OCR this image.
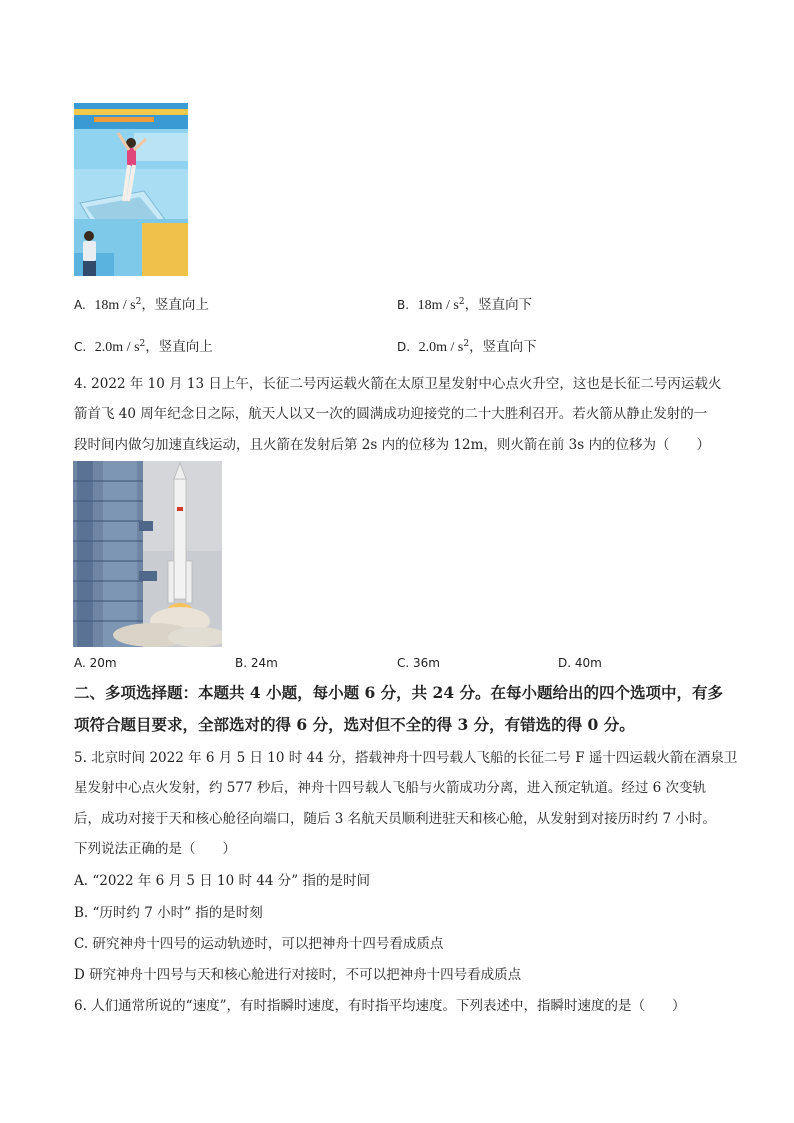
A. $18m / s^2$，竖直向上	B. $18m / s^2$，竖直向下
C. $2.0m / s^2$，竖直向上	D. $2.0m / s^2$，竖直向下
4. 2022 年 10 月 13 日上午，长征二号丙运载火箭在太原卫星发射中心点火升空，这也是长征二号丙运载火
箭首飞 40 周年纪念日之际，航天人以又一次的圆满成功迎接党的二十大胜利召开。若火箭从静止发射的一
段时间内做匀加速直线运动，且火箭在发射后第 2s 内的位移为 12m，则火箭在前 3s 内的位移为（　　）
A. 20m	B. 24m	C. 36m	D. 40m
二、多项选择题：本题共 4 小题，每小题 6 分，共 24 分。在每小题给出的四个选项中，有多
项符合题目要求，全部选对的得 6 分，选对但不全的得 3 分，有错选的得 0 分。
5. 北京时间 2022 年 6 月 5 日 10 时 44 分，搭载神舟十四号载人飞船的长征二号 F 遥十四运载火箭在酒泉卫
星发射中心点火发射，约 577 秒后，神舟十四号载人飞船与火箭成功分离，进入预定轨道。经过 6 次变轨
后，成功对接于天和核心舱径向端口，随后 3 名航天员顺利进驻天和核心舱，从发射到对接历时约 7 小时。
下列说法正确的是（　　）
A. “2022 年 6 月 5 日 10 时 44 分” 指的是时间
B. “历时约 7 小时” 指的是时刻
C. 研究神舟十四号的运动轨迹时，可以把神舟十四号看成质点
D 研究神舟十四号与天和核心舱进行对接时，不可以把神舟十四号看成质点
6. 人们通常所说的“速度”，有时指瞬时速度，有时指平均速度。下列表述中，指瞬时速度的是（　　）
